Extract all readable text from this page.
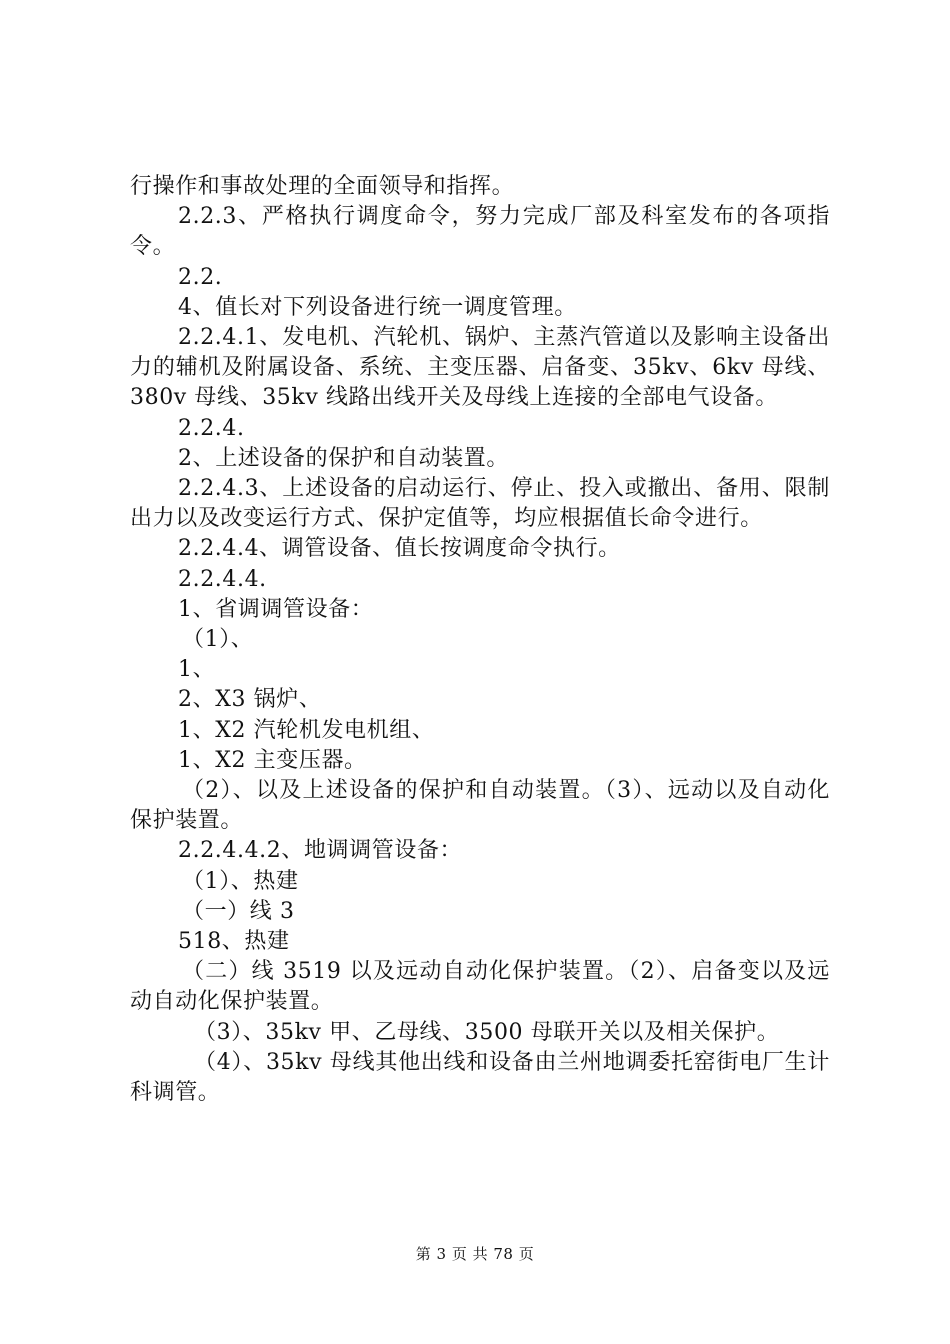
行操作和事故处理的全面领导和指挥。

2.2.3、严格执行调度命令，努力完成厂部及科室发布的各项指令。

2.2.

4、值长对下列设备进行统一调度管理。

2.2.4.1、发电机、汽轮机、锅炉、主蒸汽管道以及影响主设备出力的辅机及附属设备、系统、主变压器、启备变、35kv、6kv 母线、380v 母线、35kv 线路出线开关及母线上连接的全部电气设备。

2.2.4.

2、上述设备的保护和自动装置。

2.2.4.3、上述设备的启动运行、停止、投入或撤出、备用、限制出力以及改变运行方式、保护定值等，均应根据值长命令进行。

2.2.4.4、调管设备、值长按调度命令执行。

2.2.4.4.

1、省调调管设备：

（1）、

1、

2、X3 锅炉、

1、X2 汽轮机发电机组、

1、X2 主变压器。

（2）、以及上述设备的保护和自动装置。（3）、远动以及自动化保护装置。

2.2.4.4.2、地调调管设备：

（1）、热建

（一）线 3

518、热建

（二）线 3519 以及远动自动化保护装置。（2）、启备变以及远动自动化保护装置。

（3）、35kv 甲、乙母线、3500 母联开关以及相关保护。

（4）、35kv 母线其他出线和设备由兰州地调委托窑街电厂生计科调管。

第 3 页 共 78 页
